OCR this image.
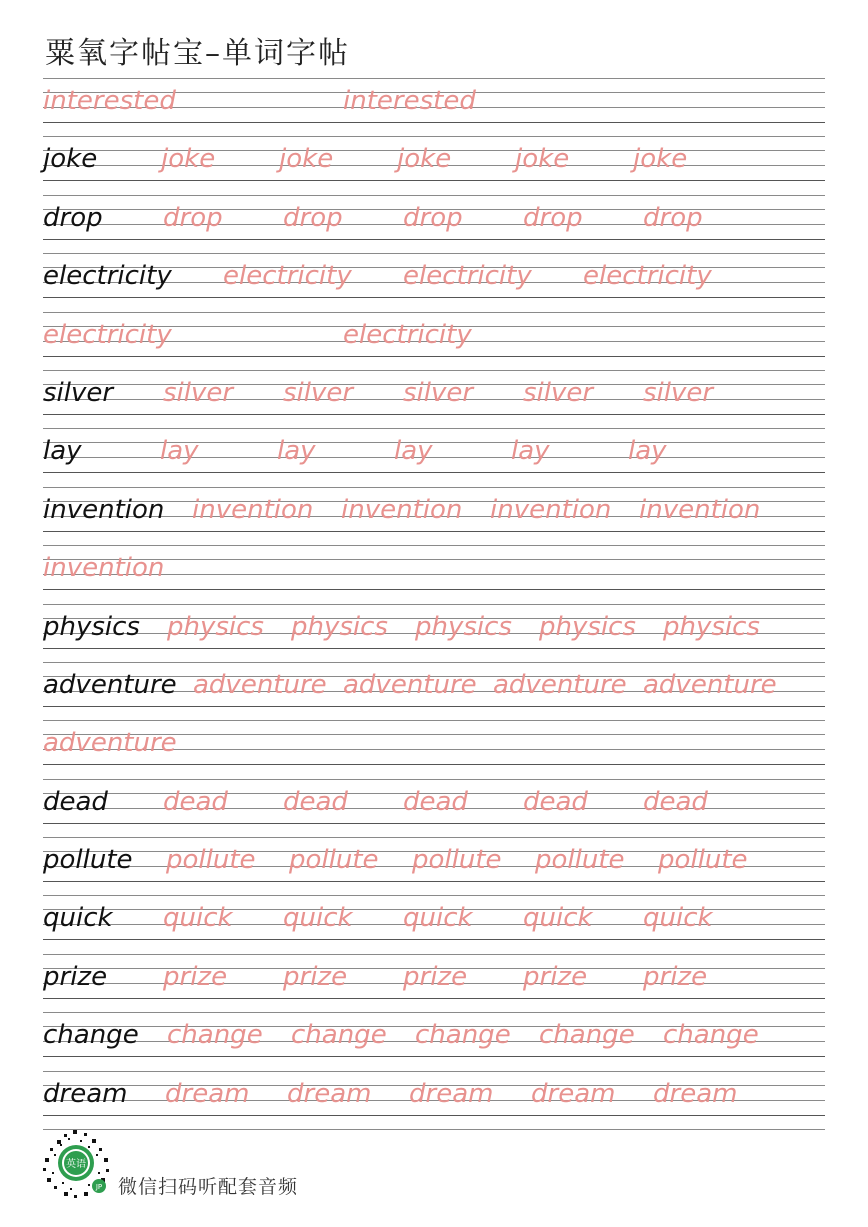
粟氧字帖宝–单词字帖
interested	interested
joke joke joke joke joke joke
drop drop drop drop drop drop
electricity electricity electricity electricity
electricity	electricity
silver silver silver silver silver silver
lay	lay	lay	lay	lay	lay
invention invention invention invention invention
invention
physics physics physics physics physics physics
adventure adventure adventure adventure adventure
adventure
dead dead dead dead dead dead
pollute pollute pollute pollute pollute pollute
quick quick quick quick quick quick
prize prize prize prize prize prize
change change change change change change
dream dream dream dream dream dream
英语
JP 微信扫码听配套音频
